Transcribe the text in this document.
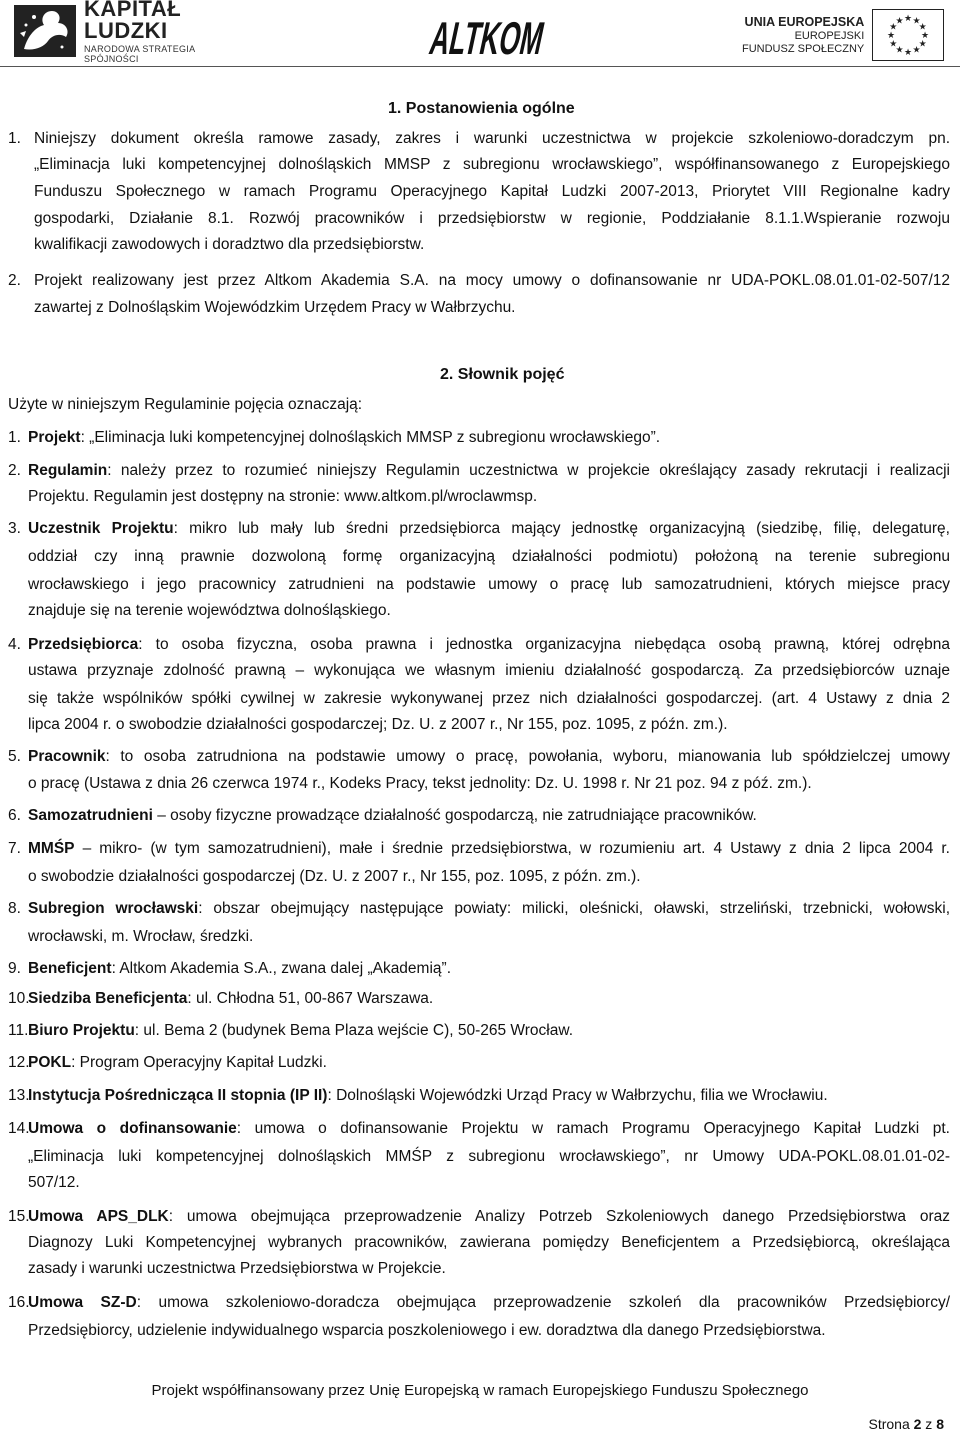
KAPITAŁ LUDZKI
NARODOWA STRATEGIA SPÓJNOŚCI	ALTKOM	UNIA EUROPEJSKA
EUROPEJSKI
FUNDUSZ SPOŁECZNY
★ ★
★
★
★
★
★
★
★
★
★
★
1. Postanowienia ogólne
1. Niniejszy dokument określa ramowe zasady, zakres i warunki uczestnictwa w projekcie szkoleniowo-doradczym pn.
„Eliminacja luki kompetencyjnej dolnośląskich MMSP z subregionu wrocławskiego”, współfinansowanego z Europejskiego
Funduszu Społecznego w ramach Programu Operacyjnego Kapitał Ludzki 2007-2013, Priorytet VIII Regionalne kadry
gospodarki, Działanie 8.1. Rozwój pracowników i przedsiębiorstw w regionie, Poddziałanie 8.1.1.Wspieranie rozwoju
kwalifikacji zawodowych i doradztwo dla przedsiębiorstw.
2. Projekt realizowany jest przez Altkom Akademia S.A. na mocy umowy o dofinansowanie nr UDA-POKL.08.01.01-02-507/12
zawartej z Dolnośląskim Wojewódzkim Urzędem Pracy w Wałbrzychu.
2. Słownik pojęć
Użyte w niniejszym Regulaminie pojęcia oznaczają:
1. Projekt: „Eliminacja luki kompetencyjnej dolnośląskich MMSP z subregionu wrocławskiego”.
2. Regulamin: należy przez to rozumieć niniejszy Regulamin uczestnictwa w projekcie określający zasady rekrutacji i realizacji
Projektu. Regulamin jest dostępny na stronie: www.altkom.pl/wroclawmsp.
3. Uczestnik Projektu: mikro lub mały lub średni przedsiębiorca mający jednostkę organizacyjną (siedzibę, filię, delegaturę,
oddział czy inną prawnie dozwoloną formę organizacyjną działalności podmiotu) położoną na terenie subregionu
wrocławskiego i jego pracownicy zatrudnieni na podstawie umowy o pracę lub samozatrudnieni, których miejsce pracy
znajduje się na terenie województwa dolnośląskiego.
4. Przedsiębiorca: to osoba fizyczna, osoba prawna i jednostka organizacyjna niebędąca osobą prawną, której odrębna
ustawa przyznaje zdolność prawną – wykonująca we własnym imieniu działalność gospodarczą. Za przedsiębiorców uznaje
się także wspólników spółki cywilnej w zakresie wykonywanej przez nich działalności gospodarczej. (art. 4 Ustawy z dnia 2
lipca 2004 r. o swobodzie działalności gospodarczej; Dz. U. z 2007 r., Nr 155, poz. 1095, z późn. zm.).
5. Pracownik: to osoba zatrudniona na podstawie umowy o pracę, powołania, wyboru, mianowania lub spółdzielczej umowy
o pracę (Ustawa z dnia 26 czerwca 1974 r., Kodeks Pracy, tekst jednolity: Dz. U. 1998 r. Nr 21 poz. 94 z póź. zm.).
6. Samozatrudnieni – osoby fizyczne prowadzące działalność gospodarczą, nie zatrudniające pracowników.
7. MMŚP – mikro- (w tym samozatrudnieni), małe i średnie przedsiębiorstwa, w rozumieniu art. 4 Ustawy z dnia 2 lipca 2004 r.
o swobodzie działalności gospodarczej (Dz. U. z 2007 r., Nr 155, poz. 1095, z późn. zm.).
8. Subregion wrocławski: obszar obejmujący następujące powiaty: milicki, oleśnicki, oławski, strzeliński, trzebnicki, wołowski,
wrocławski, m. Wrocław, średzki.
9. Beneficjent: Altkom Akademia S.A., zwana dalej „Akademią”.
10.
Siedziba Beneficjenta: ul. Chłodna 51, 00-867 Warszawa.
11. Biuro Projektu: ul. Bema 2 (budynek Bema Plaza wejście C), 50-265 Wrocław.
12.
POKL: Program Operacyjny Kapitał Ludzki.
13.
Instytucja Pośrednicząca II stopnia (IP II): Dolnośląski Wojewódzki Urząd Pracy w Wałbrzychu, filia we Wrocławiu.
14.
Umowa o dofinansowanie: umowa o dofinansowanie Projektu w ramach Programu Operacyjnego Kapitał Ludzki pt.
„Eliminacja luki kompetencyjnej dolnośląskich MMŚP z subregionu wrocławskiego”, nr Umowy UDA-POKL.08.01.01-02-
507/12.
15.
Umowa APS_DLK: umowa obejmująca przeprowadzenie Analizy Potrzeb Szkoleniowych danego Przedsiębiorstwa oraz
Diagnozy Luki Kompetencyjnej wybranych pracowników, zawierana pomiędzy Beneficjentem a Przedsiębiorcą, określająca
zasady i warunki uczestnictwa Przedsiębiorstwa w Projekcie.
16.
Umowa SZ-D: umowa szkoleniowo-doradcza obejmująca przeprowadzenie szkoleń dla pracowników Przedsiębiorcy/
Przedsiębiorcy, udzielenie indywidualnego wsparcia poszkoleniowego i ew. doradztwa dla danego Przedsiębiorstwa.
Projekt współfinansowany przez Unię Europejską w ramach Europejskiego Funduszu Społecznego
Strona 2 z 8
